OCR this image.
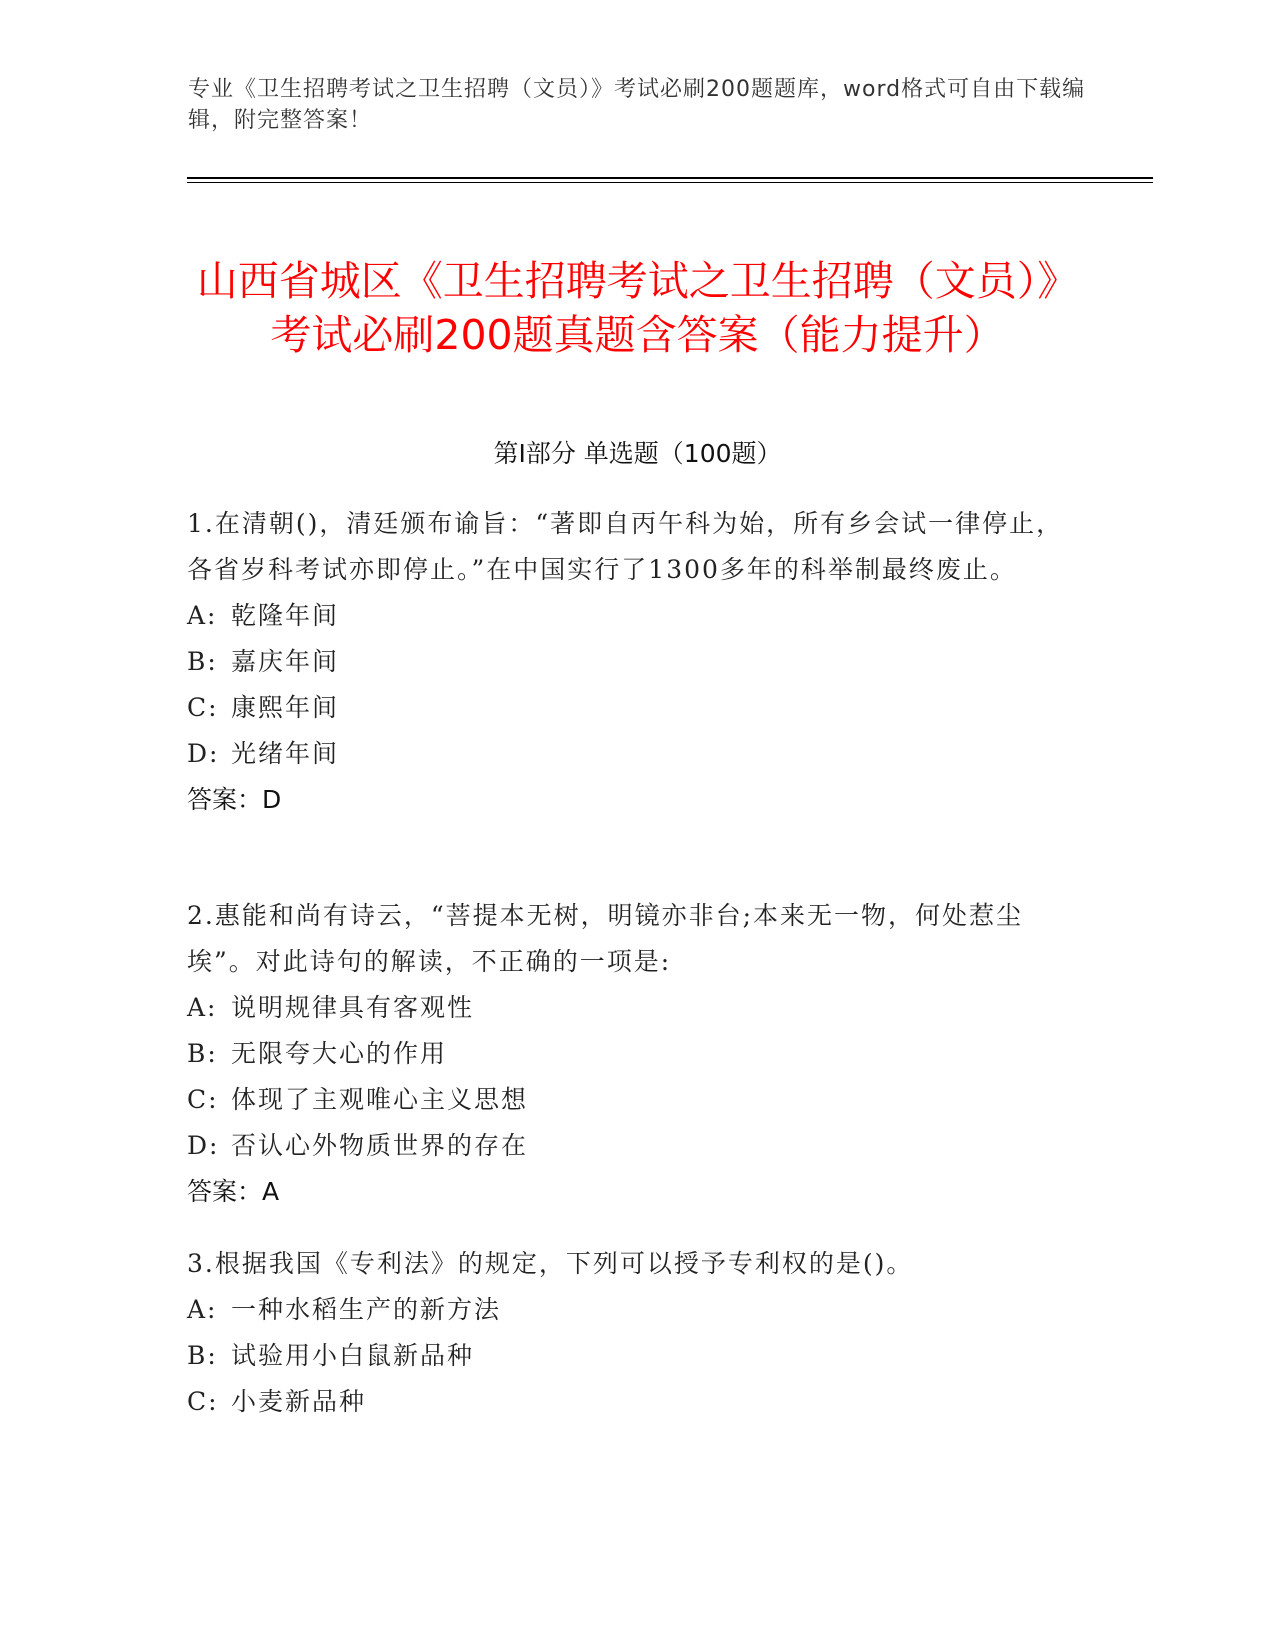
专业《卫生招聘考试之卫生招聘（文员）》考试必刷200题题库，word格式可自由下载编辑，附完整答案！
山西省城区《卫生招聘考试之卫生招聘（文员）》考试必刷200题真题含答案（能力提升）
第I部分 单选题（100题）

1.在清朝()，清廷颁布谕旨：“著即自丙午科为始，所有乡会试一律停止，各省岁科考试亦即停止。”在中国实行了1300多年的科举制最终废止。

A: 乾隆年间

B: 嘉庆年间

C: 康熙年间

D: 光绪年间

答案：D

2.惠能和尚有诗云，“菩提本无树，明镜亦非台;本来无一物，何处惹尘埃”。对此诗句的解读，不正确的一项是:

A: 说明规律具有客观性

B: 无限夸大心的作用

C: 体现了主观唯心主义思想

D: 否认心外物质世界的存在

答案：A

3.根据我国《专利法》的规定，下列可以授予专利权的是()。

A: 一种水稻生产的新方法

B: 试验用小白鼠新品种

C: 小麦新品种
